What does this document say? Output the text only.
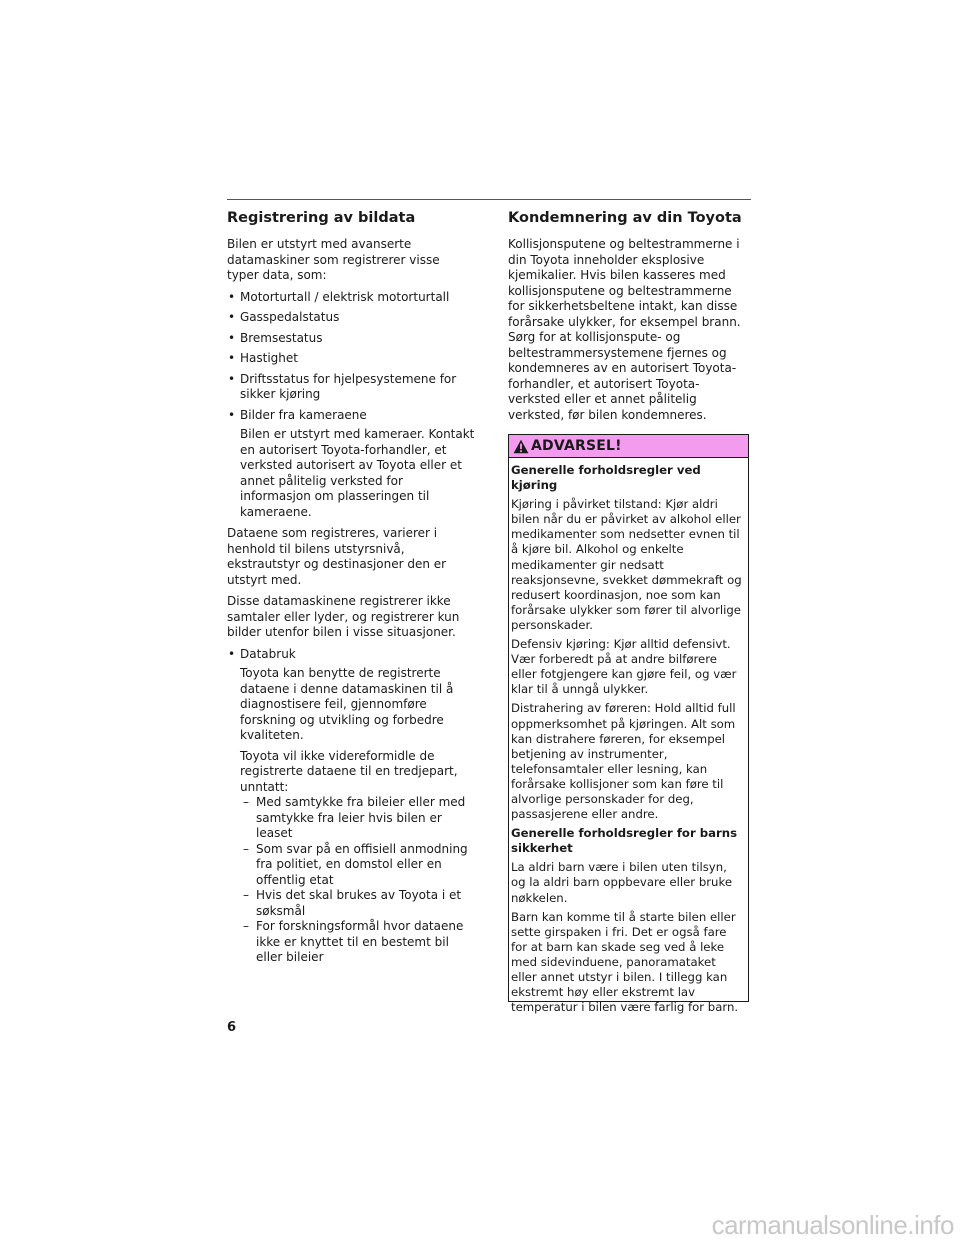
Registrering av bildata

Bilen er utstyrt med avanserte datamaskiner som registrerer visse typer data, som:

• Motorturtall / elektrisk motorturtall
• Gasspedalstatus
• Bremsestatus
• Hastighet
• Driftsstatus for hjelpesystemene for sikker kjøring
• Bilder fra kameraene
Bilen er utstyrt med kameraer. Kontakt en autorisert Toyota-forhandler, et verksted autorisert av Toyota eller et annet pålitelig verksted for informasjon om plasseringen til kameraene.

Dataene som registreres, varierer i henhold til bilens utstyrsnivå, ekstrautstyr og destinasjoner den er utstyrt med.

Disse datamaskinene registrerer ikke samtaler eller lyder, og registrerer kun bilder utenfor bilen i visse situasjoner.

• Databruk
Toyota kan benytte de registrerte dataene i denne datamaskinen til å diagnostisere feil, gjennomføre forskning og utvikling og forbedre kvaliteten.
Toyota vil ikke videreformidle de registrerte dataene til en tredjepart, unntatt:
– Med samtykke fra bileier eller med samtykke fra leier hvis bilen er leaset
– Som svar på en offisiell anmodning fra politiet, en domstol eller en offentlig etat
– Hvis det skal brukes av Toyota i et søksmål
– For forskningsformål hvor dataene ikke er knyttet til en bestemt bil eller bileier
Kondemnering av din Toyota

Kollisjonsputene og beltestrammerne i din Toyota inneholder eksplosive kjemikalier. Hvis bilen kasseres med kollisjonsputene og beltestrammerne for sikkerhetsbeltene intakt, kan disse forårsake ulykker, for eksempel brann. Sørg for at kollisjonspute- og beltestrammersystemene fjernes og kondemneres av en autorisert Toyota-forhandler, et autorisert Toyota-verksted eller et annet pålitelig verksted, før bilen kondemneres.

ADVARSEL!

Generelle forholdsregler ved kjøring

Kjøring i påvirket tilstand: Kjør aldri bilen når du er påvirket av alkohol eller medikamenter som nedsetter evnen til å kjøre bil. Alkohol og enkelte medikamenter gir nedsatt reaksjonsevne, svekket dømmekraft og redusert koordinasjon, noe som kan forårsake ulykker som fører til alvorlige personskader.

Defensiv kjøring: Kjør alltid defensivt. Vær forberedt på at andre bilførere eller fotgjengere kan gjøre feil, og vær klar til å unngå ulykker.

Distrahering av føreren: Hold alltid full oppmerksomhet på kjøringen. Alt som kan distrahere føreren, for eksempel betjening av instrumenter, telefonsamtaler eller lesning, kan forårsake kollisjoner som kan føre til alvorlige personskader for deg, passasjerene eller andre.

Generelle forholdsregler for barns sikkerhet

La aldri barn være i bilen uten tilsyn, og la aldri barn oppbevare eller bruke nøkkelen.

Barn kan komme til å starte bilen eller sette girspaken i fri. Det er også fare for at barn kan skade seg ved å leke med sidevinduene, panoramataket eller annet utstyr i bilen. I tillegg kan ekstremt høy eller ekstremt lav temperatur i bilen være farlig for barn.

6
carmanualsonline.info
